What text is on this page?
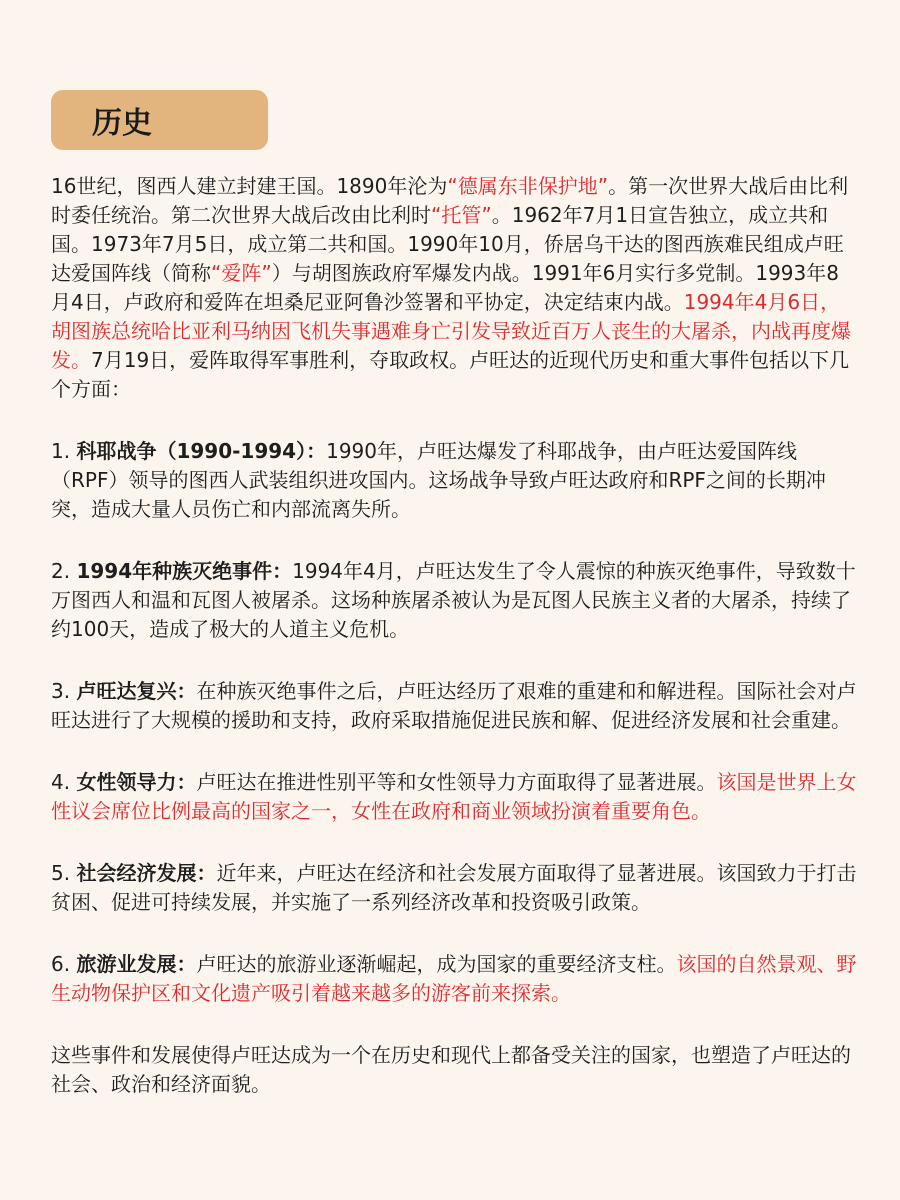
历史

16世纪，图西人建立封建王国。1890年沦为“德属东非保护地”。第一次世界大战后由比利时委任统治。第二次世界大战后改由比利时“托管”。1962年7月1日宣告独立，成立共和国。1973年7月5日，成立第二共和国。1990年10月，侨居乌干达的图西族难民组成卢旺达爱国阵线（简称“爱阵”）与胡图族政府军爆发内战。1991年6月实行多党制。1993年8月4日，卢政府和爱阵在坦桑尼亚阿鲁沙签署和平协定，决定结束内战。1994年4月6日，胡图族总统哈比亚利马纳因飞机失事遇难身亡引发导致近百万人丧生的大屠杀，内战再度爆发。7月19日，爱阵取得军事胜利，夺取政权。卢旺达的近现代历史和重大事件包括以下几个方面：

1. 科耶战争（1990-1994）：1990年，卢旺达爆发了科耶战争，由卢旺达爱国阵线（RPF）领导的图西人武装组织进攻国内。这场战争导致卢旺达政府和RPF之间的长期冲突，造成大量人员伤亡和内部流离失所。

2. 1994年种族灭绝事件：1994年4月，卢旺达发生了令人震惊的种族灭绝事件，导致数十万图西人和温和瓦图人被屠杀。这场种族屠杀被认为是瓦图人民族主义者的大屠杀，持续了约100天，造成了极大的人道主义危机。

3. 卢旺达复兴：在种族灭绝事件之后，卢旺达经历了艰难的重建和和解进程。国际社会对卢旺达进行了大规模的援助和支持，政府采取措施促进民族和解、促进经济发展和社会重建。

4. 女性领导力：卢旺达在推进性别平等和女性领导力方面取得了显著进展。该国是世界上女性议会席位比例最高的国家之一，女性在政府和商业领域扮演着重要角色。

5. 社会经济发展：近年来，卢旺达在经济和社会发展方面取得了显著进展。该国致力于打击贫困、促进可持续发展，并实施了一系列经济改革和投资吸引政策。

6. 旅游业发展：卢旺达的旅游业逐渐崛起，成为国家的重要经济支柱。该国的自然景观、野生动物保护区和文化遗产吸引着越来越多的游客前来探索。

这些事件和发展使得卢旺达成为一个在历史和现代上都备受关注的国家，也塑造了卢旺达的社会、政治和经济面貌。
